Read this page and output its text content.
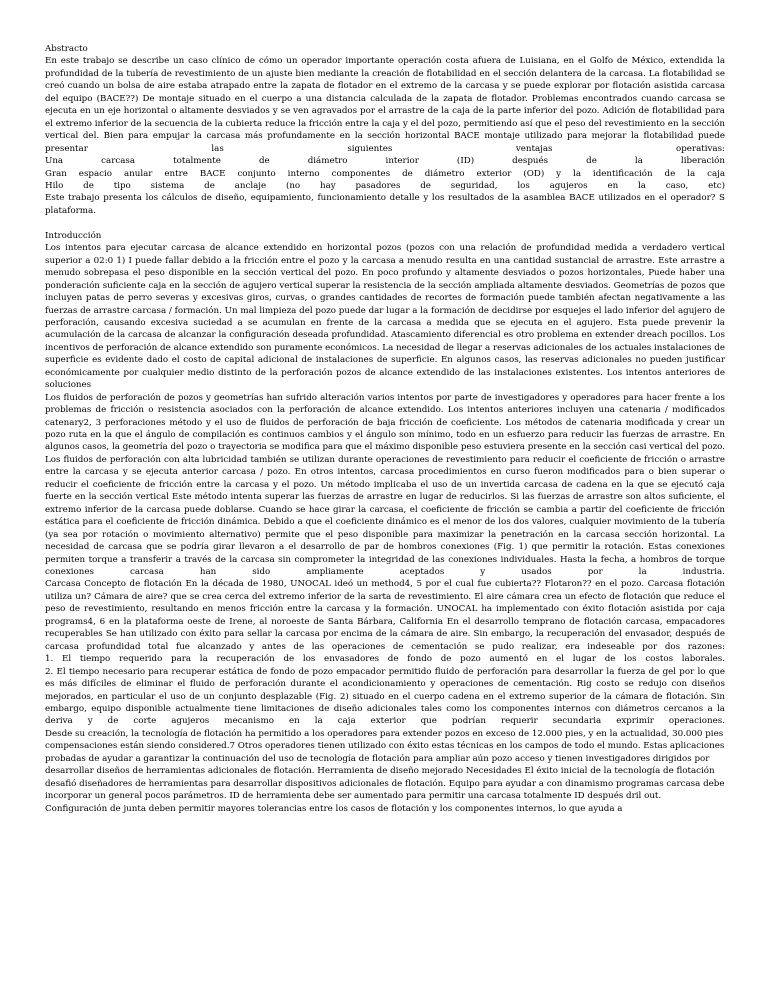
Abstracto

En este trabajo se describe un caso clínico de cómo un operador importante operación costa afuera de Luisiana, en el Golfo de México, extendida la profundidad de la tubería de revestimiento de un ajuste bien mediante la creación de flotabilidad en el sección delantera de la carcasa. La flotabilidad se creó cuando un bolsa de aire estaba atrapado entre la zapata de flotador en el extremo de la carcasa y se puede explorar por flotación asistida carcasa del equipo (BACE??) De montaje situado en el cuerpo a una distancia calculada de la zapata de flotador. Problemas encontrados cuando carcasa se ejecuta en un eje horizontal o altamente desviados y se ven agravados por el arrastre de la caja de la parte inferior del pozo. Adición de flotabilidad para el extremo inferior de la secuencia de la cubierta reduce la fricción entre la caja y el del pozo, permitiendo así que el peso del revestimiento en la sección vertical del. Bien para empujar la carcasa más profundamente en la sección horizontal BACE montaje utilizado para mejorar la flotabilidad puede presentar las siguientes ventajas operativas:

Una carcasa totalmente de diámetro interior (ID) después de la liberación

Gran espacio anular entre BACE conjunto interno componentes de diámetro exterior (OD) y la identificación de la caja

Hilo de tipo sistema de anclaje (no hay pasadores de seguridad, los agujeros en la caso, etc)

Este trabajo presenta los cálculos de diseño, equipamiento, funcionamiento detalle y los resultados de la asamblea BACE utilizados en el operador? S plataforma.

Introducción

Los intentos para ejecutar carcasa de alcance extendido en horizontal pozos (pozos con una relación de profundidad medida a verdadero vertical superior a 02:0 1) I puede fallar debido a la fricción entre el pozo y la carcasa a menudo resulta en una cantidad sustancial de arrastre. Este arrastre a menudo sobrepasa el peso disponible en la sección vertical del pozo. En poco profundo y altamente desviados o pozos horizontales, Puede haber una ponderación suficiente caja en la sección de agujero vertical superar la resistencia de la sección ampliada altamente desviados. Geometrías de pozos que incluyen patas de perro severas y excesivas giros, curvas, o grandes cantidades de recortes de formación puede también afectan negativamente a las fuerzas de arrastre carcasa / formación. Un mal limpieza del pozo puede dar lugar a la formación de decidirse por esquejes el lado inferior del agujero de perforación, causando excesiva suciedad a se acumulan en frente de la carcasa a medida que se ejecuta en el agujero. Esta puede prevenir la acumulación de la carcasa de alcanzar la configuración deseada profundidad. Atascamiento diferencial es otro problema en extender dreach pocillos. Los incentivos de perforación de alcance extendido son puramente económicos. La necesidad de llegar a reservas adicionales de los actuales instalaciones de superficie es evidente dado el costo de capital adicional de instalaciones de superficie. En algunos casos, las reservas adicionales no pueden justificar económicamente por cualquier medio distinto de la perforación pozos de alcance extendido de las instalaciones existentes. Los intentos anteriores de soluciones

Los fluidos de perforación de pozos y geometrías han sufrido alteración varios intentos por parte de investigadores y operadores para hacer frente a los problemas de fricción o resistencia asociados con la perforación de alcance extendido. Los intentos anteriores incluyen una catenaria / modificados catenary2, 3 perforaciones método y el uso de fluidos de perforación de baja fricción de coeficiente. Los métodos de catenaria modificada y crear un pozo ruta en la que el ángulo de compilación es continuos cambios y el ángulo son mínimo, todo en un esfuerzo para reducir las fuerzas de arrastre. En algunos casos, la geometría del pozo o trayectoria se modifica para que el máximo disponible peso estuviera presente en la sección casi vertical del pozo. Los fluidos de perforación con alta lubricidad también se utilizan durante operaciones de revestimiento para reducir el coeficiente de fricción o arrastre entre la carcasa y se ejecuta anterior carcasa / pozo. En otros intentos, carcasa procedimientos en curso fueron modificados para o bien superar o reducir el coeficiente de fricción entre la carcasa y el pozo. Un método implicaba el uso de un invertida carcasa de cadena en la que se ejecutó caja fuerte en la sección vertical Este método intenta superar las fuerzas de arrastre en lugar de reducirlos. Si las fuerzas de arrastre son altos suficiente, el extremo inferior de la carcasa puede doblarse. Cuando se hace girar la carcasa, el coeficiente de fricción se cambia a partir del coeficiente de fricción estática para el coeficiente de fricción dinámica. Debido a que el coeficiente dinámico es el menor de los dos valores, cualquier movimiento de la tubería (ya sea por rotación o movimiento alternativo) permite que el peso disponible para maximizar la penetración en la carcasa sección horizontal. La necesidad de carcasa que se podría girar llevaron a el desarrollo de par de hombros conexiones (Fig. 1) que permitir la rotación. Estas conexiones permiten torque a transferir a través de la carcasa sin comprometer la integridad de las conexiones individuales. Hasta la fecha, a hombros de torque conexiones carcasa han sido ampliamente aceptados y usados por la industria.

Carcasa Concepto de flotación En la década de 1980, UNOCAL ideó un method4, 5 por el cual fue cubierta?? Flotaron?? en el pozo. Carcasa flotación utiliza un? Cámara de aire? que se crea cerca del extremo inferior de la sarta de revestimiento. El aire cámara crea un efecto de flotación que reduce el peso de revestimiento, resultando en menos fricción entre la carcasa y la formación. UNOCAL ha implementado con éxito flotación asistida por caja programs4, 6 en la plataforma oeste de Irene, al noroeste de Santa Bárbara, California En el desarrollo temprano de flotación carcasa, empacadores recuperables Se han utilizado con éxito para sellar la carcasa por encima de la cámara de aire. Sin embargo, la recuperación del envasador, después de carcasa profundidad total fue alcanzado y antes de las operaciones de cementación se pudo realizar, era indeseable por dos razones:

1. El tiempo requerido para la recuperación de los envasadores de fondo de pozo aumentó en el lugar de los costos laborales.

2. El tiempo necesario para recuperar estática de fondo de pozo empacador permitido fluido de perforación para desarrollar la fuerza de gel por lo que es más difíciles de eliminar el fluido de perforación durante el acondicionamiento y operaciones de cementación. Rig costo se redujo con diseños mejorados, en particular el uso de un conjunto desplazable (Fig. 2) situado en el cuerpo cadena en el extremo superior de la cámara de flotación. Sin embargo, equipo disponible actualmente tiene limitaciones de diseño adicionales tales como los componentes internos con diámetros cercanos a la deriva y de corte agujeros mecanismo en la caja exterior que podrían requerir secundaria exprimir operaciones.

Desde su creación, la tecnología de flotación ha permitido a los operadores para extender pozos en exceso de 12.000 pies, y en la actualidad, 30.000 pies compensaciones están siendo considered.7 Otros operadores tienen utilizado con éxito estas técnicas en los campos de todo el mundo. Estas aplicaciones probadas de ayudar a garantizar la continuación del uso de tecnología de flotación para ampliar aún pozo acceso y tienen investigadores dirigidos por desarrollar diseños de herramientas adicionales de flotación. Herramienta de diseño mejorado Necesidades El éxito inicial de la tecnología de flotación desafió diseñadores de herramientas para desarrollar dispositivos adicionales de flotación. Equipo para ayudar a con dinamismo programas carcasa debe incorporar un general pocos parámetros. ID de herramienta debe ser aumentado para permitir una carcasa totalmente ID después dril out. Configuración de junta deben permitir mayores tolerancias entre los casos de flotación y los componentes internos, lo que ayuda a
